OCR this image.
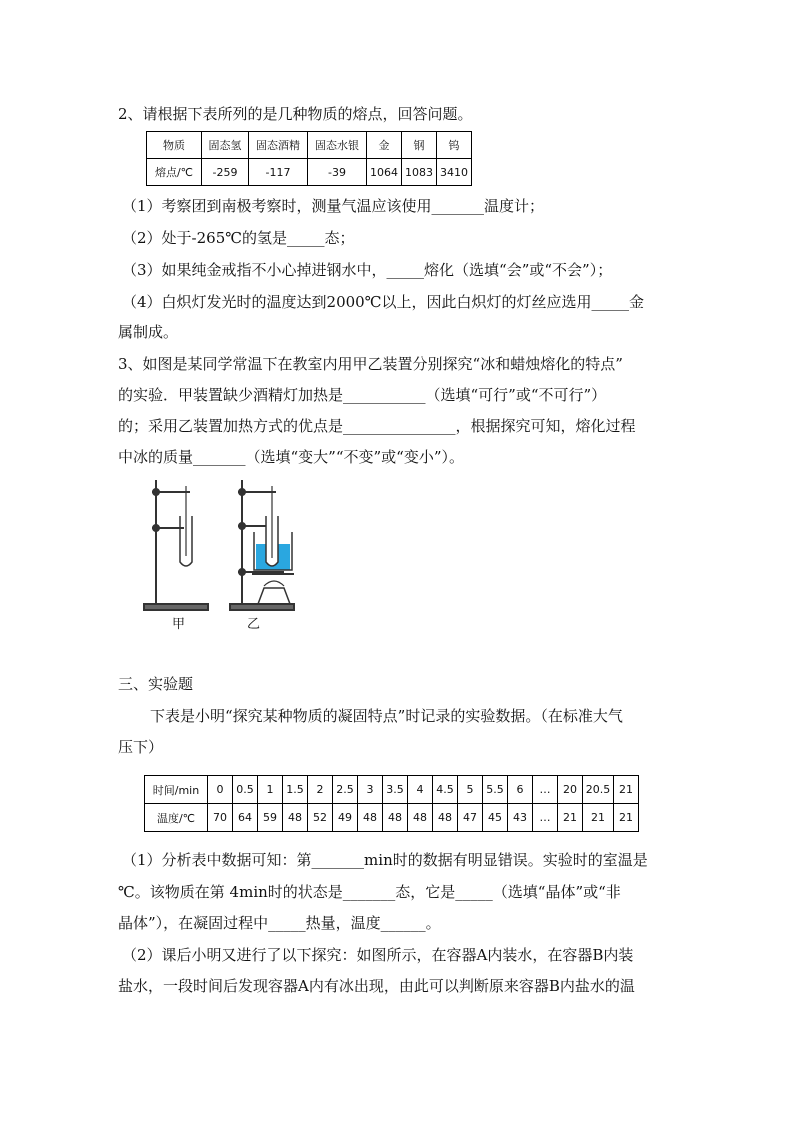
2、请根据下表所列的是几种物质的熔点，回答问题。
物质	固态氢	固态酒精	固态水银	金	钢	钨
熔点/℃	-259	-117	-39	1064	1083	3410
（1）考察团到南极考察时，测量气温应该使用_______温度计；
（2）处于-265℃的氢是_____态；
（3）如果纯金戒指不小心掉进钢水中，_____熔化（选填“会”或“不会”）；
（4）白炽灯发光时的温度达到2000℃以上，因此白炽灯的灯丝应选用_____金
属制成。
3、如图是某同学常温下在教室内用甲乙装置分别探究“冰和蜡烛熔化的特点”
的实验．甲装置缺少酒精灯加热是___________（选填“可行”或“不可行”）
的；采用乙装置加热方式的优点是_______________，根据探究可知，熔化过程
中冰的质量_______（选填“变大”“不变”或“变小”）。
甲	乙
三、实验题
下表是小明“探究某种物质的凝固特点”时记录的实验数据。（在标准大气
压下）
时间/min	0	0.5	1	1.5	2	2.5	3	3.5	4	4.5	5	5.5	6	…	20	20.5	21
温度/℃	70	64	59	48	52	49	48	48	48	48	47	45	43	…	21	21	21
（1）分析表中数据可知：第_______min时的数据有明显错误。实验时的室温是
℃。该物质在第 4min时的状态是_______态，它是_____（选填“晶体”或“非
晶体”），在凝固过程中_____热量，温度______。
（2）课后小明又进行了以下探究：如图所示，在容器A内装水，在容器B内装
盐水，一段时间后发现容器A内有冰出现，由此可以判断原来容器B内盐水的温
